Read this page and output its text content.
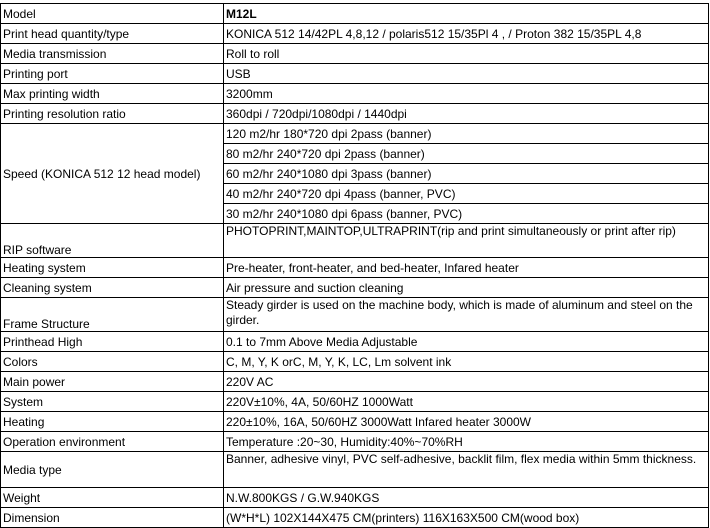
Model	M12L
Print head quantity/type	KONICA 512 14/42PL 4,8,12 / polaris512 15/35Pl 4 , / Proton 382 15/35PL 4,8
Media transmission	Roll to roll
Printing port	USB
Max printing width	3200mm
Printing resolution ratio	360dpi / 720dpi/1080dpi / 1440dpi
Speed (KONICA 512 12 head model)	120 m2/hr 180*720 dpi 2pass (banner)
	80 m2/hr 240*720 dpi 2pass (banner)
	60 m2/hr 240*1080 dpi 3pass (banner)
	40 m2/hr 240*720 dpi 4pass (banner, PVC)
	30 m2/hr 240*1080 dpi 6pass (banner, PVC)
RIP software	PHOTOPRINT,MAINTOP,ULTRAPRINT(rip and print simultaneously or print after rip)
Heating system	Pre-heater, front-heater, and bed-heater, Infared heater
Cleaning system	Air pressure and suction cleaning
Frame Structure	Steady girder is used on the machine body, which is made of aluminum and steel on the girder.
Printhead High	0.1 to 7mm Above Media Adjustable
Colors	C, M, Y, K orC, M, Y, K, LC, Lm solvent ink
Main power	220V AC
System	220V±10%, 4A, 50/60HZ 1000Watt
Heating	220±10%, 16A, 50/60HZ 3000Watt Infared heater 3000W
Operation environment	Temperature :20~30, Humidity:40%~70%RH
Media type	Banner, adhesive vinyl, PVC self-adhesive, backlit film, flex media within 5mm thickness.
Weight	N.W.800KGS / G.W.940KGS
Dimension	(W*H*L) 102X144X475 CM(printers) 116X163X500 CM(wood box)
